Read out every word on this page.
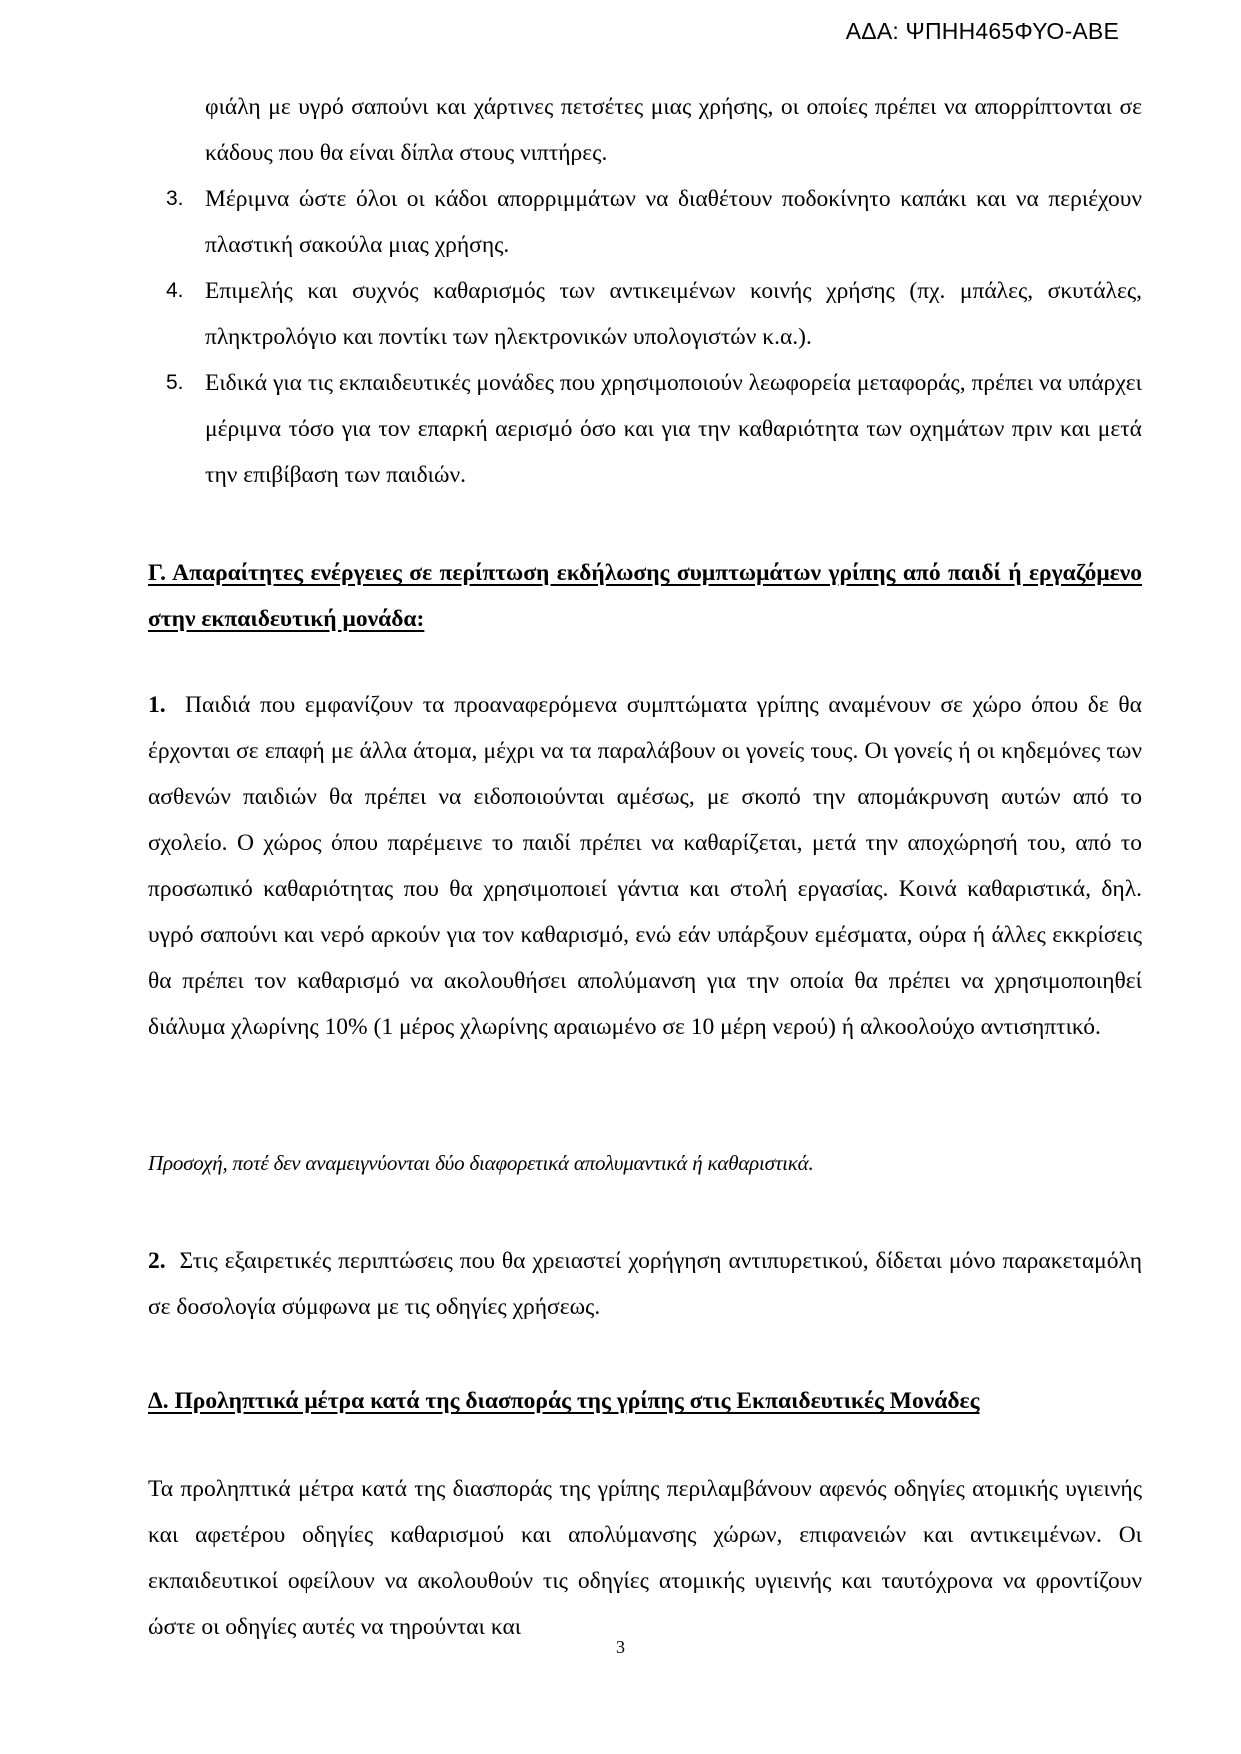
ΑΔΑ: ΨΠΗΗ465ΦΥΟ-ΑΒΕ
φιάλη με υγρό σαπούνι και χάρτινες πετσέτες μιας χρήσης, οι οποίες πρέπει να απορρίπτονται σε κάδους που θα είναι δίπλα στους νιπτήρες.
3. Μέριμνα ώστε όλοι οι κάδοι απορριμμάτων να διαθέτουν ποδοκίνητο καπάκι και να περιέχουν πλαστική σακούλα μιας χρήσης.
4. Επιμελής και συχνός καθαρισμός των αντικειμένων κοινής χρήσης (πχ. μπάλες, σκυτάλες, πληκτρολόγιο και ποντίκι των ηλεκτρονικών υπολογιστών κ.α.).
5. Ειδικά για τις εκπαιδευτικές μονάδες που χρησιμοποιούν λεωφορεία μεταφοράς, πρέπει να υπάρχει μέριμνα τόσο για τον επαρκή αερισμό όσο και για την καθαριότητα των οχημάτων πριν και μετά την επιβίβαση των παιδιών.
Γ. Απαραίτητες ενέργειες σε περίπτωση εκδήλωσης συμπτωμάτων γρίπης από παιδί ή εργαζόμενο στην εκπαιδευτική μονάδα:
1. Παιδιά που εμφανίζουν τα προαναφερόμενα συμπτώματα γρίπης αναμένουν σε χώρο όπου δε θα έρχονται σε επαφή με άλλα άτομα, μέχρι να τα παραλάβουν οι γονείς τους. Οι γονείς ή οι κηδεμόνες των ασθενών παιδιών θα πρέπει να ειδοποιούνται αμέσως, με σκοπό την απομάκρυνση αυτών από το σχολείο. Ο χώρος όπου παρέμεινε το παιδί πρέπει να καθαρίζεται, μετά την αποχώρησή του, από το προσωπικό καθαριότητας που θα χρησιμοποιεί γάντια και στολή εργασίας. Κοινά καθαριστικά, δηλ. υγρό σαπούνι και νερό αρκούν για τον καθαρισμό, ενώ εάν υπάρξουν εμέσματα, ούρα ή άλλες εκκρίσεις θα πρέπει τον καθαρισμό να ακολουθήσει απολύμανση για την οποία θα πρέπει να χρησιμοποιηθεί διάλυμα χλωρίνης 10% (1 μέρος χλωρίνης αραιωμένο σε 10 μέρη νερού) ή αλκοολούχο αντισηπτικό.
Προσοχή, ποτέ δεν αναμειγνύονται δύο διαφορετικά απολυμαντικά ή καθαριστικά.
2. Στις εξαιρετικές περιπτώσεις που θα χρειαστεί χορήγηση αντιπυρετικού, δίδεται μόνο παρακεταμόλη σε δοσολογία σύμφωνα με τις οδηγίες χρήσεως.
Δ. Προληπτικά μέτρα κατά της διασποράς της γρίπης στις Εκπαιδευτικές Μονάδες
Τα προληπτικά μέτρα κατά της διασποράς της γρίπης περιλαμβάνουν αφενός οδηγίες ατομικής υγιεινής και αφετέρου οδηγίες καθαρισμού και απολύμανσης χώρων, επιφανειών και αντικειμένων. Οι εκπαιδευτικοί οφείλουν να ακολουθούν τις οδηγίες ατομικής υγιεινής και ταυτόχρονα να φροντίζουν ώστε οι οδηγίες αυτές να τηρούνται και
3
